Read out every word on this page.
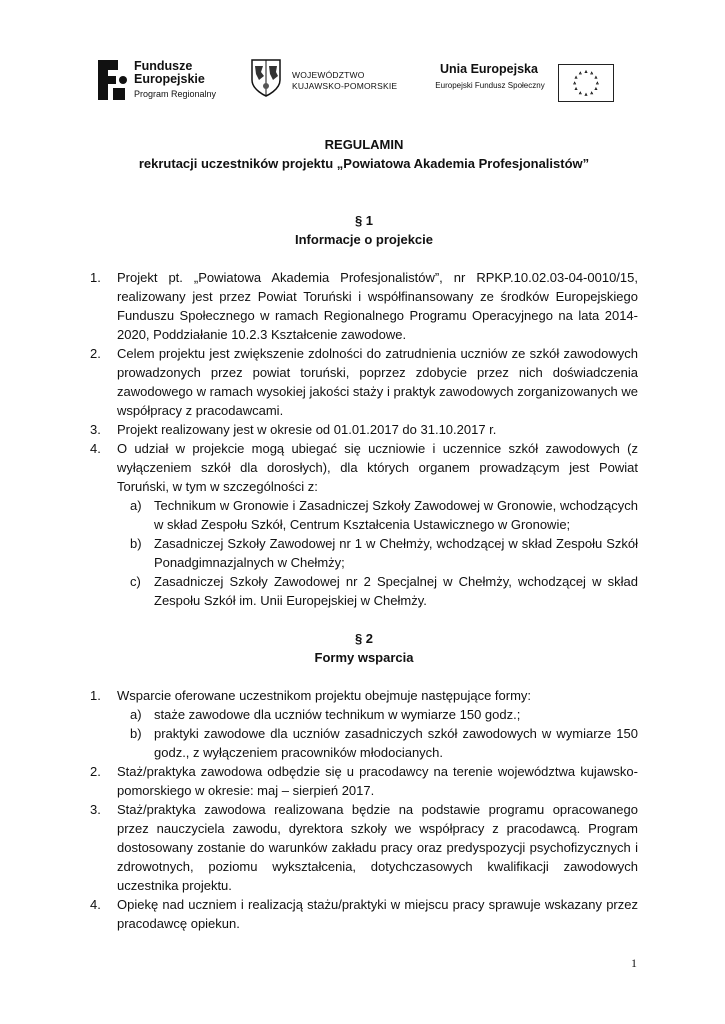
Fundusze
Europejskie
Program Regionalny
WOJEWÓDZTWO
KUJAWSKO-POMORSKIE
Unia Europejska
Europejski Fundusz Społeczny
REGULAMIN
rekrutacji uczestników projektu „Powiatowa Akademia Profesjonalistów”
§ 1
Informacje o projekcie
1. Projekt pt. „Powiatowa Akademia Profesjonalistów”, nr RPKP.10.02.03-04-0010/15, realizowany jest przez Powiat Toruński i współfinansowany ze środków Europejskiego Funduszu Społecznego w ramach Regionalnego Programu Operacyjnego na lata 2014-2020, Poddziałanie 10.2.3 Kształcenie zawodowe.
2. Celem projektu jest zwiększenie zdolności do zatrudnienia uczniów ze szkół zawodowych prowadzonych przez powiat toruński, poprzez zdobycie przez nich doświadczenia zawodowego w ramach wysokiej jakości staży i praktyk zawodowych zorganizowanych we współpracy z pracodawcami.
3. Projekt realizowany jest w okresie od 01.01.2017 do 31.10.2017 r.
4. O udział w projekcie mogą ubiegać się uczniowie i uczennice szkół zawodowych (z wyłączeniem szkół dla dorosłych), dla których organem prowadzącym jest Powiat Toruński, w tym w szczególności z:
a) Technikum w Gronowie i Zasadniczej Szkoły Zawodowej w Gronowie, wchodzących w skład Zespołu Szkół, Centrum Kształcenia Ustawicznego w Gronowie;
b) Zasadniczej Szkoły Zawodowej nr 1 w Chełmży, wchodzącej w skład Zespołu Szkół Ponadgimnazjalnych w Chełmży;
c) Zasadniczej Szkoły Zawodowej nr 2 Specjalnej w Chełmży, wchodzącej w skład Zespołu Szkół im. Unii Europejskiej w Chełmży.
§ 2
Formy wsparcia
1. Wsparcie oferowane uczestnikom projektu obejmuje następujące formy:
a) staże zawodowe dla uczniów technikum w wymiarze 150 godz.;
b) praktyki zawodowe dla uczniów zasadniczych szkół zawodowych w wymiarze 150 godz., z wyłączeniem pracowników młodocianych.
2. Staż/praktyka zawodowa odbędzie się u pracodawcy na terenie województwa kujawsko-pomorskiego w okresie: maj – sierpień 2017.
3. Staż/praktyka zawodowa realizowana będzie na podstawie programu opracowanego przez nauczyciela zawodu, dyrektora szkoły we współpracy z pracodawcą. Program dostosowany zostanie do warunków zakładu pracy oraz predyspozycji psychofizycznych i zdrowotnych, poziomu wykształcenia, dotychczasowych kwalifikacji zawodowych uczestnika projektu.
4. Opiekę nad uczniem i realizacją stażu/praktyki w miejscu pracy sprawuje wskazany przez pracodawcę opiekun.
1
